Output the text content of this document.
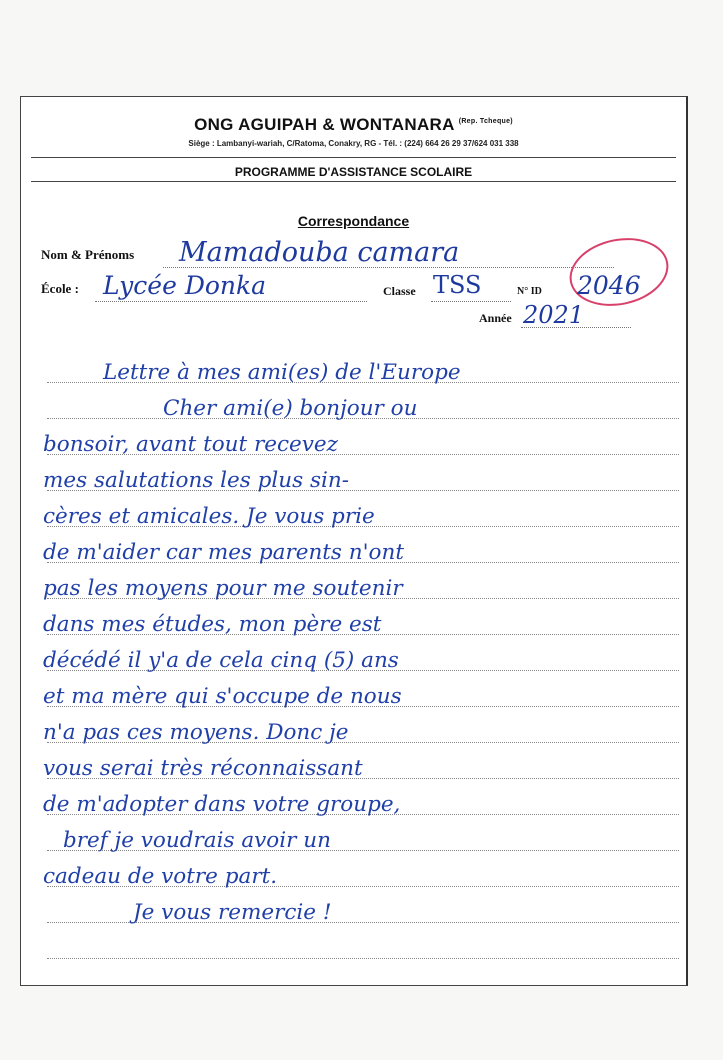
ONG AGUIPAH & WONTANARA $^{(Rep. Tcheque)}$
Siège : Lambanyi-wariah, C/Ratoma, Conakry, RG - Tél. : (224) 664 26 29 37/624 031 338
PROGRAMME D'ASSISTANCE SCOLAIRE
Correspondance
Nom & Prénoms Mamadouba camara
École : Lycée Donka	Classe TSS	N° ID 2046
Année 2021
Lettre à mes ami(es) de l'Europe
Cher ami(e) bonjour ou
bonsoir, avant tout recevez
mes salutations les plus sin-
cères et amicales. Je vous prie
de m'aider car mes parents n'ont
pas les moyens pour me soutenir
dans mes études, mon père est
décédé il y'a de cela cinq (5) ans
et ma mère qui s'occupe de nous
n'a pas ces moyens. Donc je
vous serai très réconnaissant
de m'adopter dans votre groupe,
bref je voudrais avoir un
cadeau de votre part.
Je vous remercie !
